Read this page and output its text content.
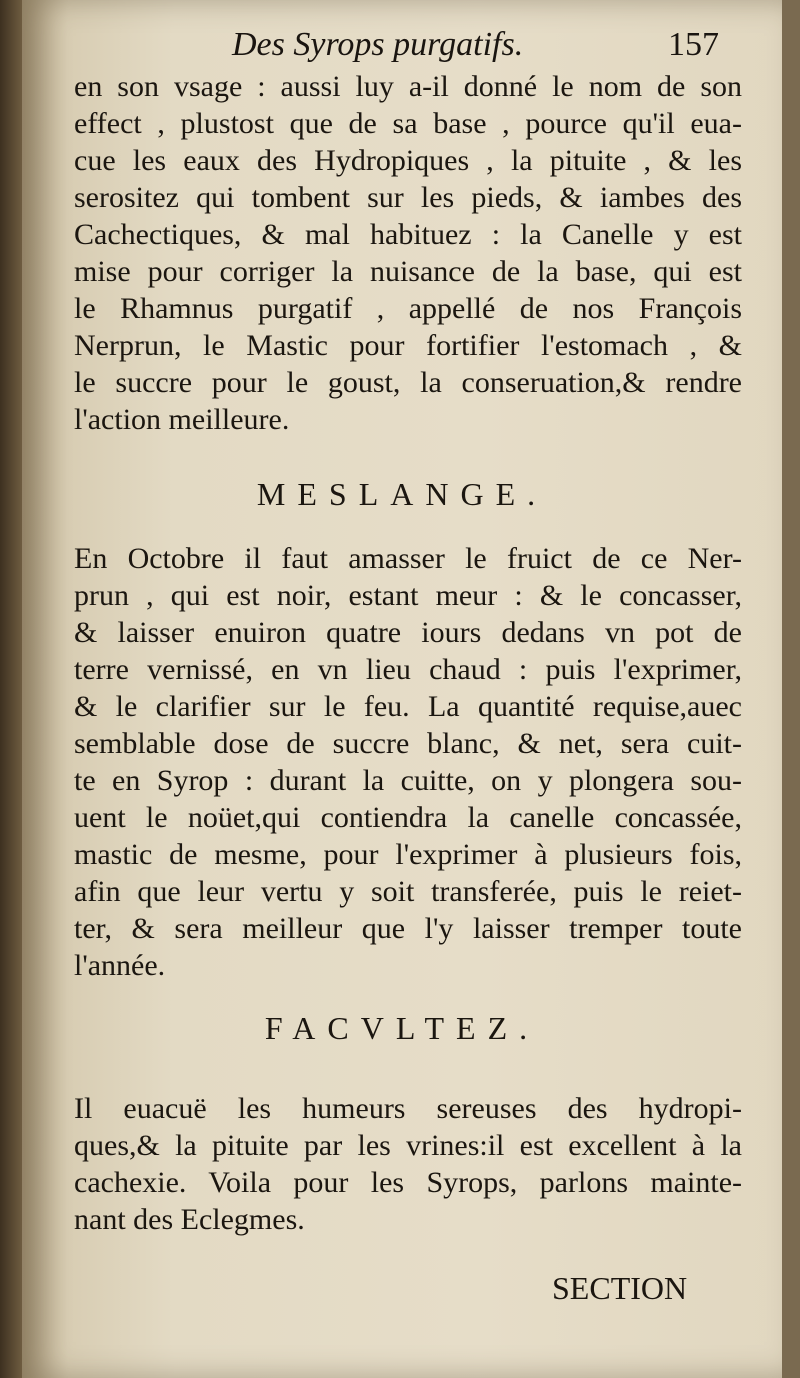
Des Syrops purgatifs.	157
en son vsage : aussi luy a-il donné le nom de son
effect , plustost que de sa base , pource qu'il eua-
cue les eaux des Hydropiques , la pituite , & les
serositez qui tombent sur les pieds, & iambes des
Cachectiques, & mal habituez : la Canelle y est
mise pour corriger la nuisance de la base, qui est
le Rhamnus purgatif , appellé de nos François
Nerprun, le Mastic pour fortifier l'estomach , &
le succre pour le goust, la conseruation,& rendre
l'action meilleure.
MESLANGE.
En Octobre il faut amasser le fruict de ce Ner-
prun , qui est noir, estant meur : & le concasser,
& laisser enuiron quatre iours dedans vn pot de
terre vernissé, en vn lieu chaud : puis l'exprimer,
& le clarifier sur le feu. La quantité requise,auec
semblable dose de succre blanc, & net, sera cuit-
te en Syrop : durant la cuitte, on y plongera sou-
uent le noüet,qui contiendra la canelle concassée,
mastic de mesme, pour l'exprimer à plusieurs fois,
afin que leur vertu y soit transferée, puis le reiet-
ter, & sera meilleur que l'y laisser tremper toute
l'année.
FACVLTEZ.
Il euacuë les humeurs sereuses des hydropi-
ques,& la pituite par les vrines:il est excellent à la
cachexie. Voila pour les Syrops, parlons mainte-
nant des Eclegmes.
SECTION
